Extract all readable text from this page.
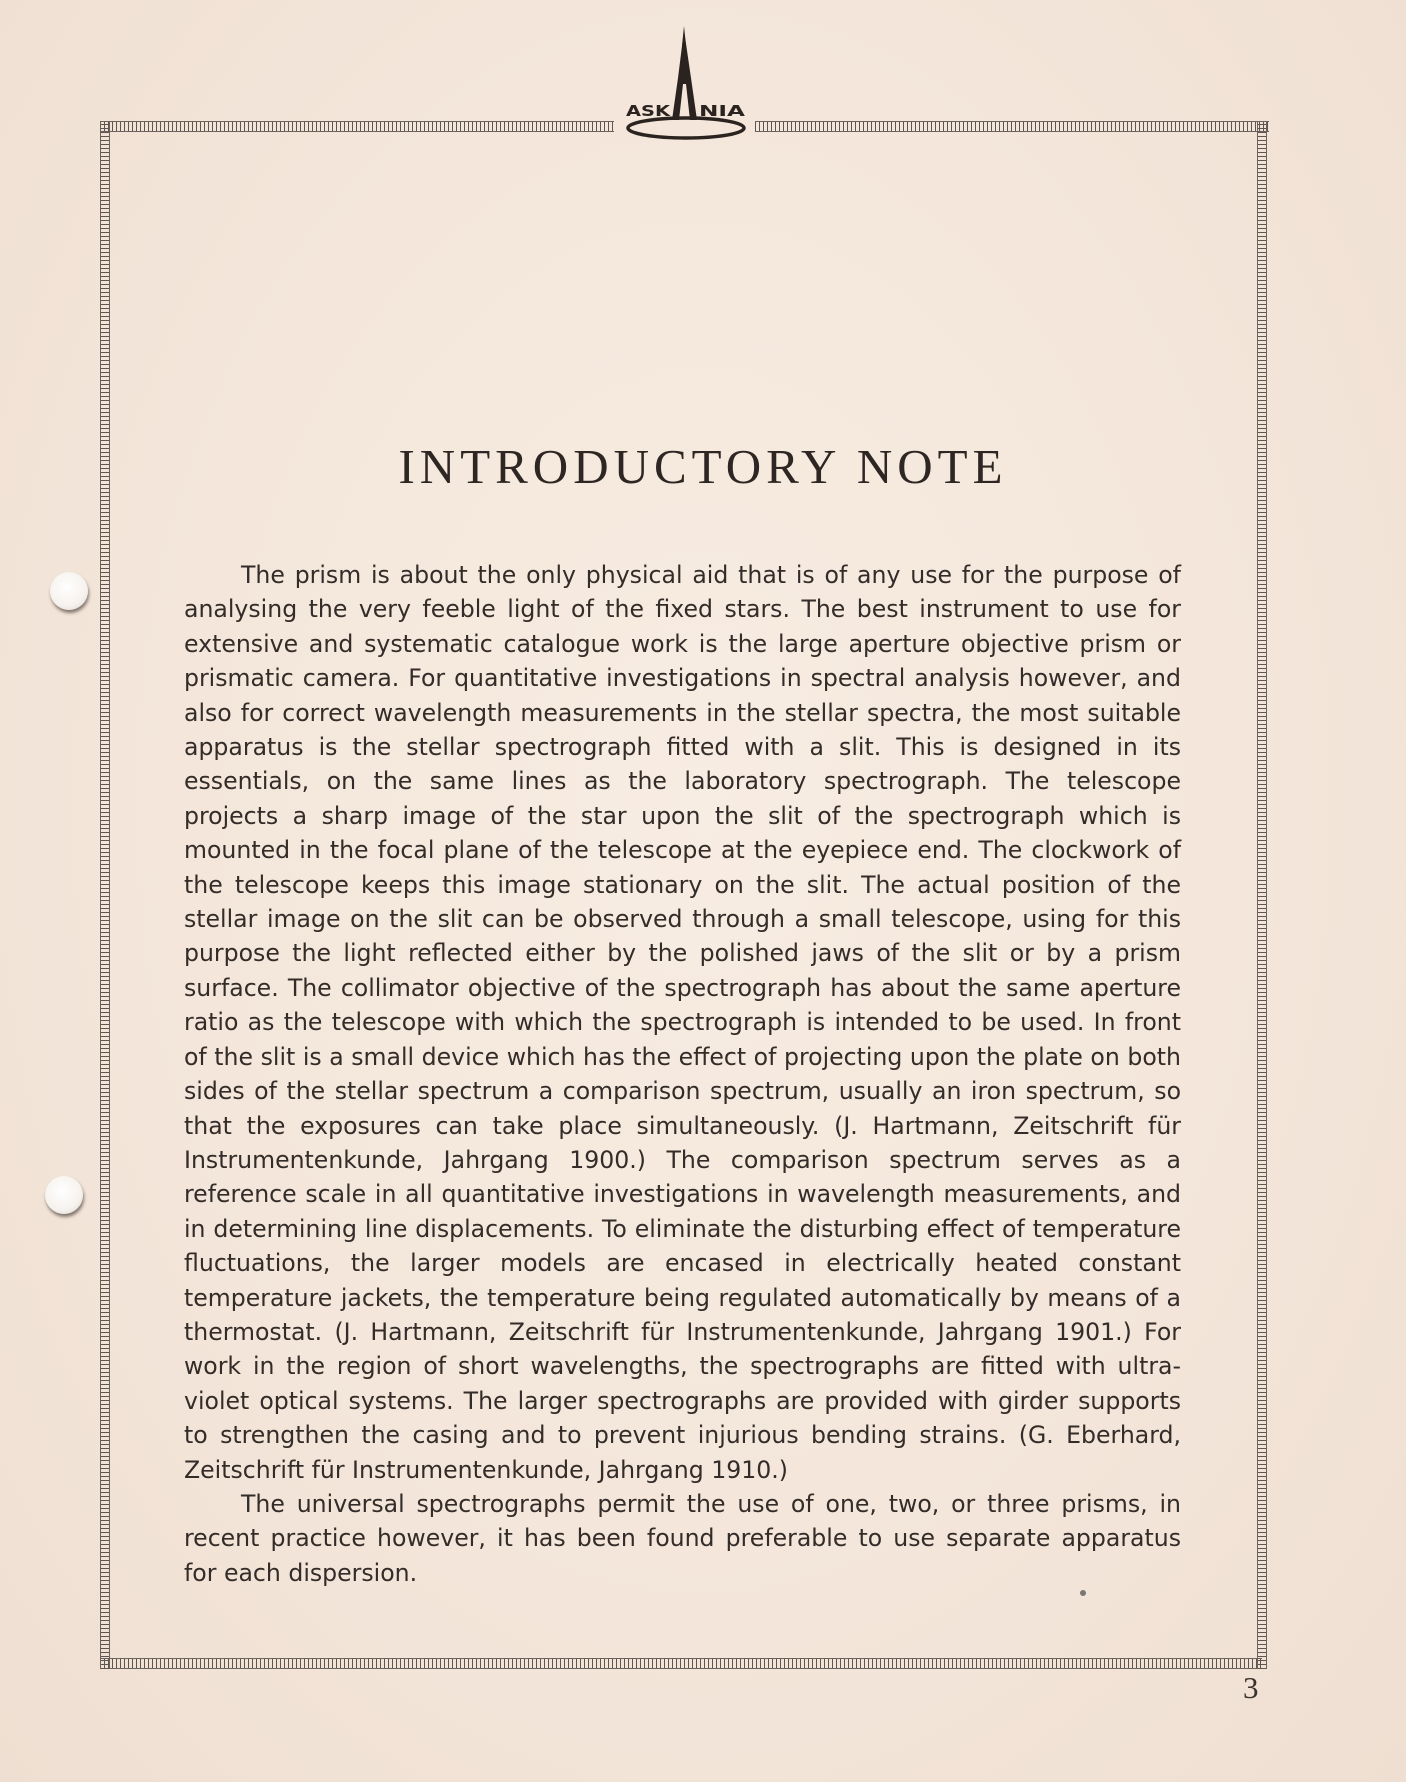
ASK NIA
ASKANIA
INTRODUCTORY NOTE

The prism is about the only physical aid that is of any use for the purpose of analysing the very feeble light of the fixed stars. The best instrument to use for extensive and systematic catalogue work is the large aperture objective prism or prismatic camera. For quantitative investigations in spectral analysis however, and also for correct wavelength measurements in the stellar spectra, the most suitable apparatus is the stellar spectrograph fitted with a slit. This is designed in its essentials, on the same lines as the laboratory spectrograph. The telescope projects a sharp image of the star upon the slit of the spectrograph which is mounted in the focal plane of the telescope at the eyepiece end. The clockwork of the telescope keeps this image stationary on the slit. The actual position of the stellar image on the slit can be observed through a small telescope, using for this purpose the light reflected either by the polished jaws of the slit or by a prism surface. The collimator objective of the spectrograph has about the same aperture ratio as the telescope with which the spectrograph is intended to be used. In front of the slit is a small device which has the effect of projecting upon the plate on both sides of the stellar spectrum a comparison spectrum, usually an iron spectrum, so that the exposures can take place simultaneously. (J. Hartmann, Zeitschrift für Instrumentenkunde, Jahrgang 1900.) The comparison spectrum serves as a reference scale in all quantitative investigations in wavelength measurements, and in determining line displacements. To eliminate the disturbing effect of temperature fluctuations, the larger models are encased in electrically heated constant temperature jackets, the temperature being regulated automatically by means of a thermostat. (J. Hartmann, Zeitschrift für Instrumentenkunde, Jahrgang 1901.) For work in the region of short wavelengths, the spectrographs are fitted with ultra-violet optical systems. The larger spectrographs are provided with girder supports to strengthen the casing and to prevent injurious bending strains. (G. Eberhard, Zeitschrift für Instrumentenkunde, Jahrgang 1910.)

The universal spectrographs permit the use of one, two, or three prisms, in recent practice however, it has been found preferable to use separate apparatus for each dispersion.

3
